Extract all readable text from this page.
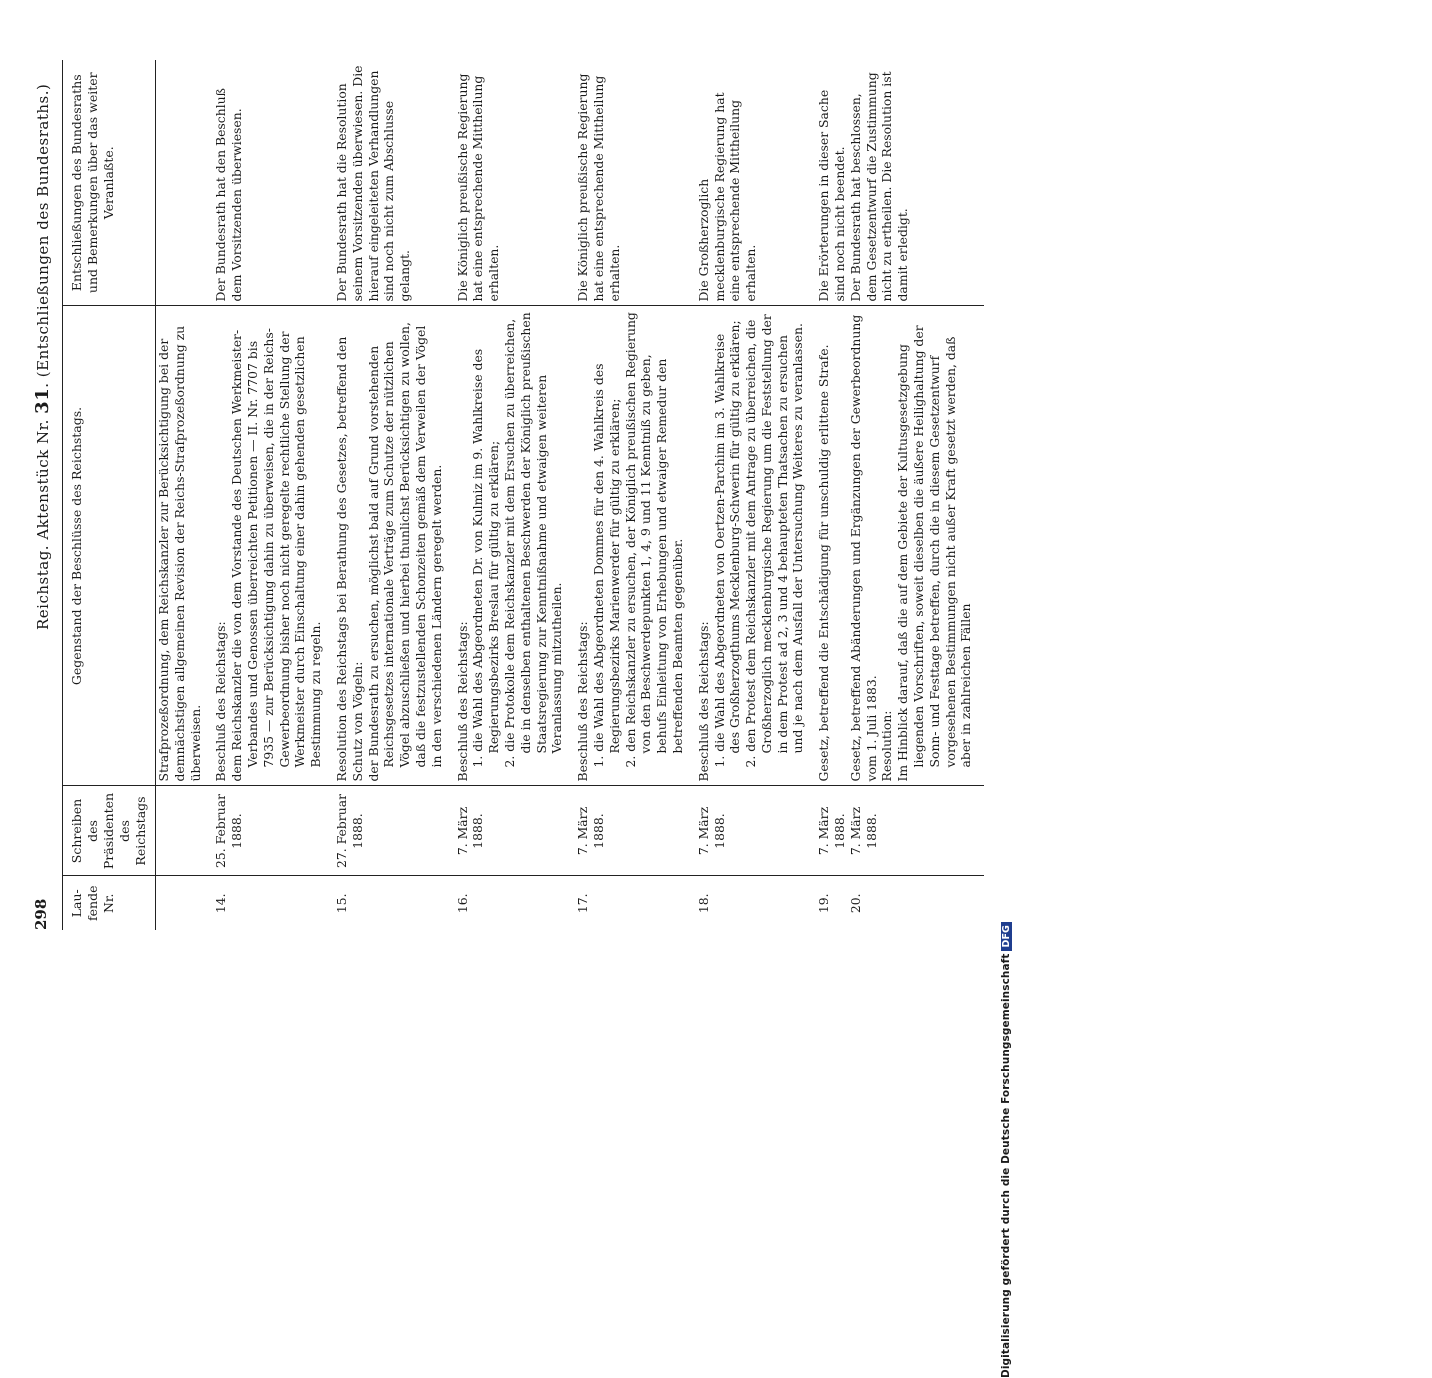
298
Reichstag. Aktenstück Nr. 31. (Entschließungen des Bundesraths.)
Lau-fende Nr.	Schreiben des Präsidenten des Reichstags	Gegenstand der Beschlüsse des Reichstags.	Entschließungen des Bundesraths und Bemerkungen über das weiter Veranlaßte.

		Strafprozeßordnung, dem Reichskanzler zur Berücksichtigung bei der demnächstigen allgemeinen Revision der Reichs-Strafprozeßordnung zu überweisen.	

14.	25. Februar 1888.	Beschluß des Reichstags: dem Reichskanzler die von dem Vorstande des Deutschen Werkmeister-Verbandes und Genossen überreichten Petitionen — II. Nr. 7707 bis 7935 — zur Berücksichtigung dahin zu überweisen, die in der Reichs-Gewerbeordnung bisher noch nicht geregelte rechtliche Stellung der Werkmeister durch Einschaltung einer dahin gehenden gesetzlichen Bestimmung zu regeln.	Der Bundesrath hat den Beschluß dem Vorsitzenden überwiesen.
15.	27. Februar 1888.	Resolution des Reichstags bei Berathung des Gesetzes, betreffend den Schutz von Vögeln: der Bundesrath zu ersuchen, möglichst bald auf Grund vorstehenden Reichsgesetzes internationale Verträge zum Schutze der nützlichen Vögel abzuschließen und hierbei thunlichst Berücksichtigen zu wollen, daß die festzustellenden Schonzeiten gemäß dem Verweilen der Vögel in den verschiedenen Ländern geregelt werden.	Der Bundesrath hat die Resolution seinem Vorsitzenden überwiesen. Die hierauf eingeleiteten Verhandlungen sind noch nicht zum Abschlusse gelangt.
16.	7. März 1888.	Beschluß des Reichstags: 1. die Wahl des Abgeordneten Dr. von Kulmiz im 9. Wahlkreise des Regierungsbezirks Breslau für gültig zu erklären; 2. die Protokolle dem Reichskanzler mit dem Ersuchen zu überreichen, die in denselben enthaltenen Beschwerden der Königlich preußischen Staatsregierung zur Kenntnißnahme und etwaigen weiteren Veranlassung mitzutheilen.	Die Königlich preußische Regierung hat eine entsprechende Mittheilung erhalten.
17.	7. März 1888.	Beschluß des Reichstags: 1. die Wahl des Abgeordneten Dommes für den 4. Wahlkreis des Regierungsbezirks Marienwerder für gültig zu erklären; 2. den Reichskanzler zu ersuchen, der Königlich preußischen Regierung von den Beschwerdepunkten 1, 4, 9 und 11 Kenntniß zu geben, behufs Einleitung von Erhebungen und etwaiger Remedur den betreffenden Beamten gegenüber.	Die Königlich preußische Regierung hat eine entsprechende Mittheilung erhalten.
18.	7. März 1888.	Beschluß des Reichstags: 1. die Wahl des Abgeordneten von Oertzen-Parchim im 3. Wahlkreise des Großherzogthums Mecklenburg-Schwerin für gültig zu erklären; 2. den Protest dem Reichskanzler mit dem Antrage zu überreichen, die Großherzoglich mecklenburgische Regierung um die Feststellung der in dem Protest ad 2, 3 und 4 behaupteten Thatsachen zu ersuchen und je nach dem Ausfall der Untersuchung Weiteres zu veranlassen.	Die Großherzoglich mecklenburgische Regierung hat eine entsprechende Mittheilung erhalten.
19.	7. März 1888.	Gesetz, betreffend die Entschädigung für unschuldig erlittene Strafe.	Die Erörterungen in dieser Sache sind noch nicht beendet.
20.	7. März 1888.	Gesetz, betreffend Abänderungen und Ergänzungen der Gewerbeordnung vom 1. Juli 1883. Resolution: Im Hinblick darauf, daß die auf dem Gebiete der Kultusgesetzgebung liegenden Vorschriften, soweit dieselben die äußere Heilighaltung der Sonn- und Festtage betreffen, durch die in diesem Gesetzentwurf vorgesehenen Bestimmungen nicht außer Kraft gesetzt werden, daß aber in zahlreichen Fällen	Der Bundesrath hat beschlossen, dem Gesetzentwurf die Zustimmung nicht zu ertheilen. Die Resolution ist damit erledigt.
Digitalisierung gefördert durch die Deutsche ForschungsgemeinschaftDFG
